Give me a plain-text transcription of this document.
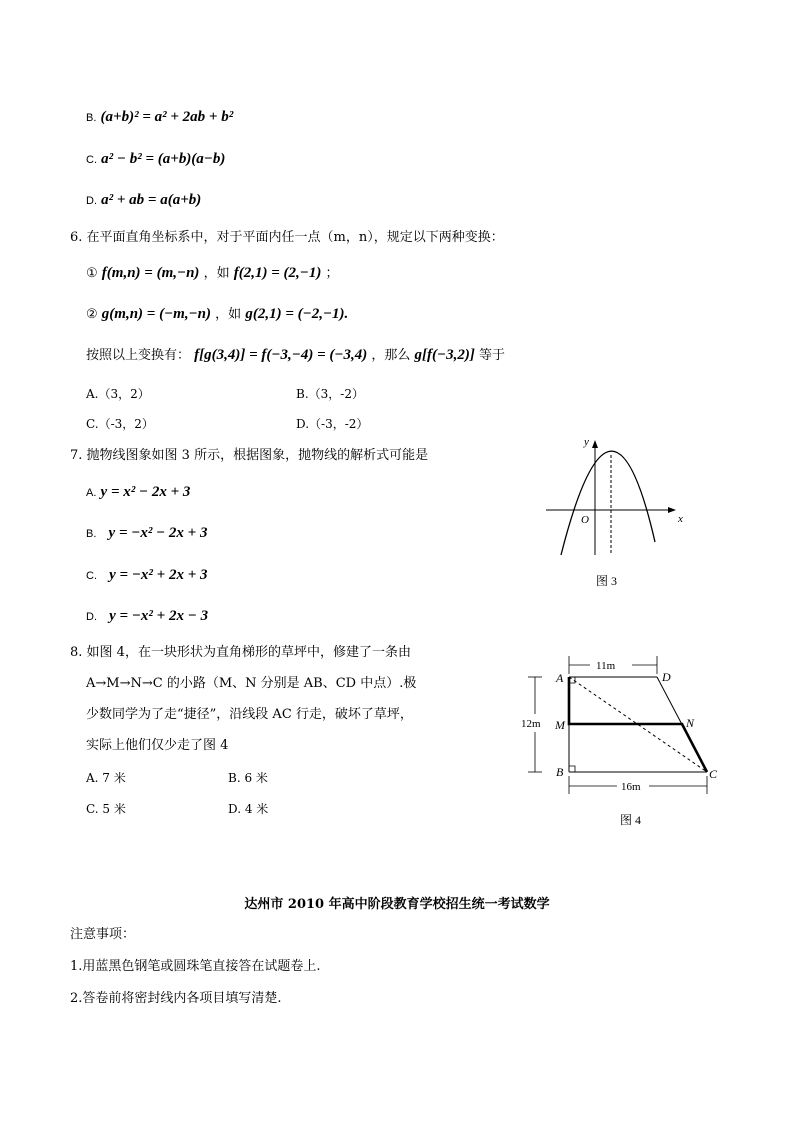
B. (a+b)² = a² + 2ab + b²
C. a² − b² = (a+b)(a−b)
D. a² + ab = a(a+b)
6. 在平面直角坐标系中，对于平面内任一点（m，n），规定以下两种变换：
① f(m,n) = (m,−n) ，如 f(2,1) = (2,−1) ；
② g(m,n) = (−m,−n) ，如 g(2,1) = (−2,−1).
按照以上变换有： f[g(3,4)] = f(−3,−4) = (−3,4) ，那么 g[f(−3,2)] 等于
A.（3，2）	B.（3，-2）
C.（-3，2）	D.（-3，-2）
7. 抛物线图象如图 3 所示，根据图象，抛物线的解析式可能是
A. y = x² − 2x + 3
B. y = −x² − 2x + 3
C. y = −x² + 2x + 3
D. y = −x² + 2x − 3
x
y
O
图 3
8. 如图 4，在一块形状为直角梯形的草坪中，修建了一条由
A→M→N→C 的小路（M、N 分别是 AB、CD 中点）.极
少数同学为了走“捷径”，沿线段 AC 行走，破坏了草坪，
实际上他们仅少走了图 4
A. 7 米	B. 6 米
C. 5 米	D. 4 米
11m
12m
A	D
M	N
B	C
16m
图 4
达州市 2010 年高中阶段教育学校招生统一考试数学
注意事项：
1.用蓝黑色钢笔或圆珠笔直接答在试题卷上.
2.答卷前将密封线内各项目填写清楚.
